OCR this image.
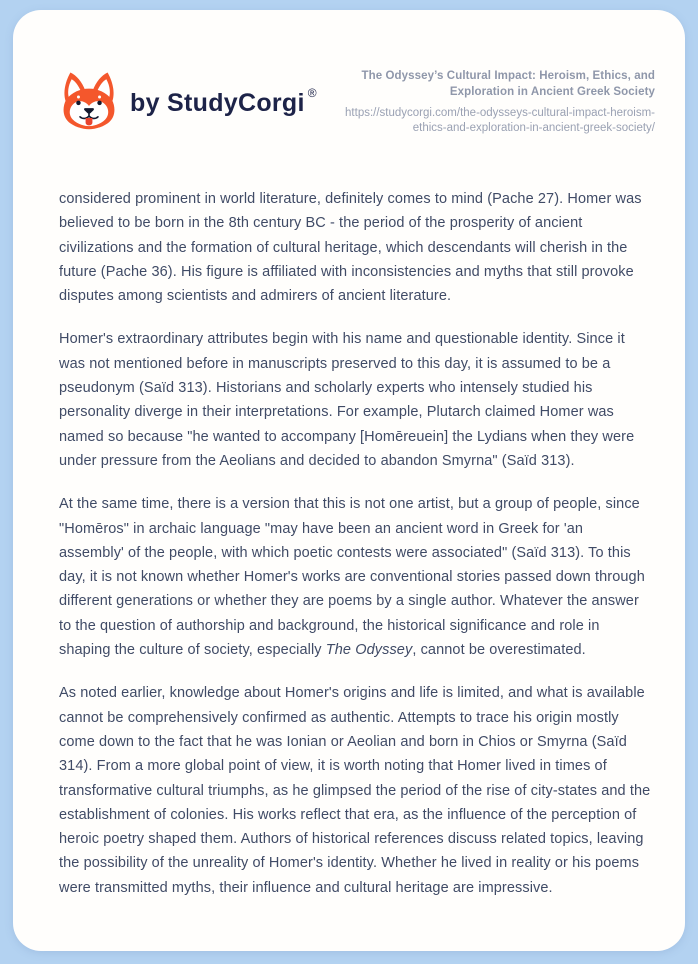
by StudyCorgi ®
The Odyssey’s Cultural Impact: Heroism, Ethics, and Exploration in Ancient Greek Society
https://studycorgi.com/the-odysseys-cultural-impact-heroism-ethics-and-exploration-in-ancient-greek-society/

considered prominent in world literature, definitely comes to mind (Pache 27). Homer was believed to be born in the 8th century BC - the period of the prosperity of ancient civilizations and the formation of cultural heritage, which descendants will cherish in the future (Pache 36). His figure is affiliated with inconsistencies and myths that still provoke disputes among scientists and admirers of ancient literature.

Homer's extraordinary attributes begin with his name and questionable identity. Since it was not mentioned before in manuscripts preserved to this day, it is assumed to be a pseudonym (Saïd 313). Historians and scholarly experts who intensely studied his personality diverge in their interpretations. For example, Plutarch claimed Homer was named so because "he wanted to accompany [Homēreuein] the Lydians when they were under pressure from the Aeolians and decided to abandon Smyrna" (Saïd 313).

At the same time, there is a version that this is not one artist, but a group of people, since "Homēros" in archaic language "may have been an ancient word in Greek for 'an assembly' of the people, with which poetic contests were associated" (Saïd 313). To this day, it is not known whether Homer's works are conventional stories passed down through different generations or whether they are poems by a single author. Whatever the answer to the question of authorship and background, the historical significance and role in shaping the culture of society, especially The Odyssey, cannot be overestimated.

As noted earlier, knowledge about Homer's origins and life is limited, and what is available cannot be comprehensively confirmed as authentic. Attempts to trace his origin mostly come down to the fact that he was Ionian or Aeolian and born in Chios or Smyrna (Saïd 314). From a more global point of view, it is worth noting that Homer lived in times of transformative cultural triumphs, as he glimpsed the period of the rise of city-states and the establishment of colonies. His works reflect that era, as the influence of the perception of heroic poetry shaped them. Authors of historical references discuss related topics, leaving the possibility of the unreality of Homer's identity. Whether he lived in reality or his poems were transmitted myths, their influence and cultural heritage are impressive.
